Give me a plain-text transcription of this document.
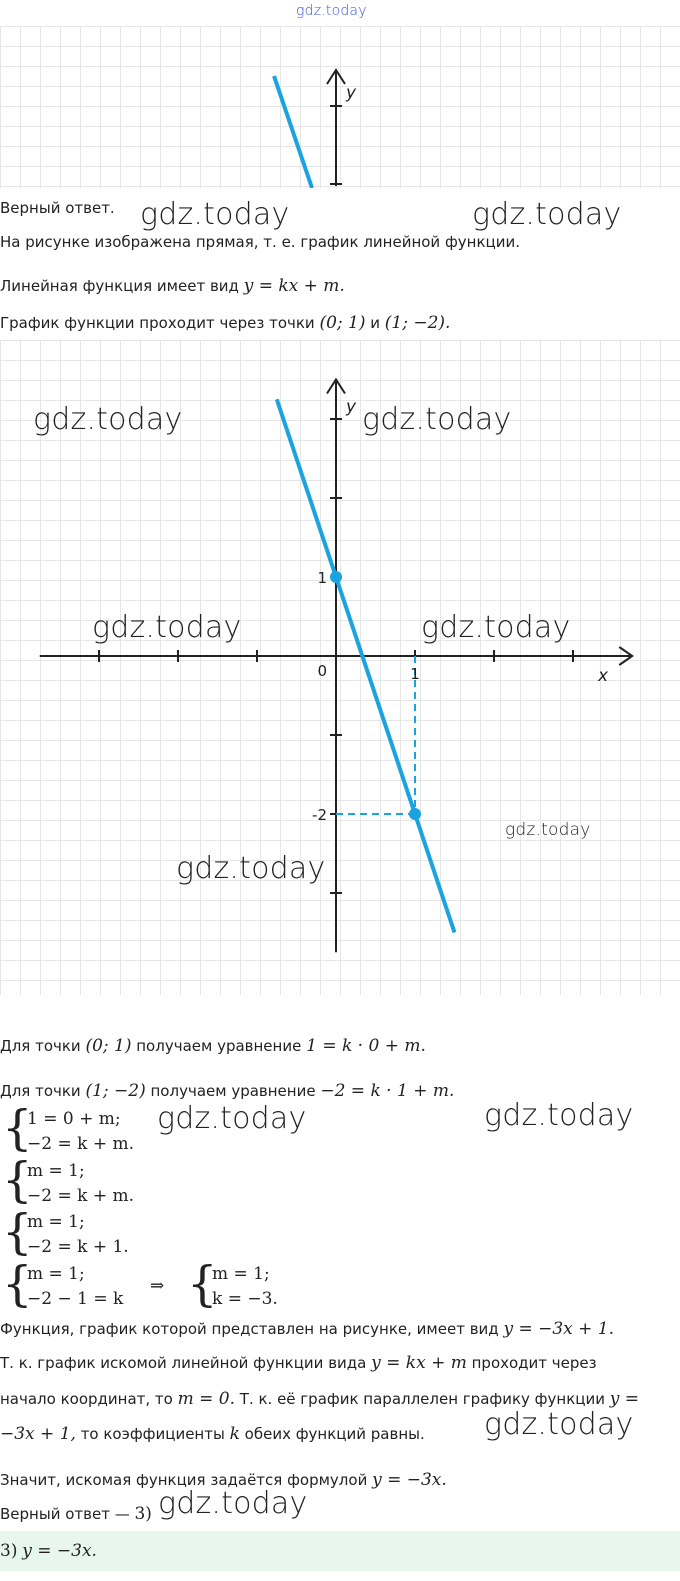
gdz.today
y
Верный ответ. gdz.today	gdz.today
На рисунке изображена прямая, т. е. график линейной функции.
Линейная функция имеет вид y = kx + m.
График функции проходит через точки (0; 1) и (1; −2).
y
x
0	1
1
-2
gdz.today	gdz.today
gdz.today	gdz.today
gdz.today
gdz.today
Для точки (0; 1) получаем уравнение 1 = k · 0 + m.
Для точки (1; −2) получаем уравнение −2 = k · 1 + m.
{
1 = 0 + m;
−2 = k + m.
{
m = 1;
−2 = k + m.
{
m = 1;
−2 = k + 1.
{
m = 1;
−2 − 1 = k
⇒ {
m = 1;
k = −3.
gdz.today	gdz.today
Функция, график которой представлен на рисунке, имеет вид y = −3x + 1.
Т. к. график искомой линейной функции вида y = kx + m проходит через
начало координат, то m = 0. Т. к. её график параллелен графику функции y =
−3x + 1, то коэффициенты k обеих функций равны. gdz.today
Значит, искомая функция задаётся формулой y = −3x.
Верный ответ — 3) gdz.today
3) y = −3x.
